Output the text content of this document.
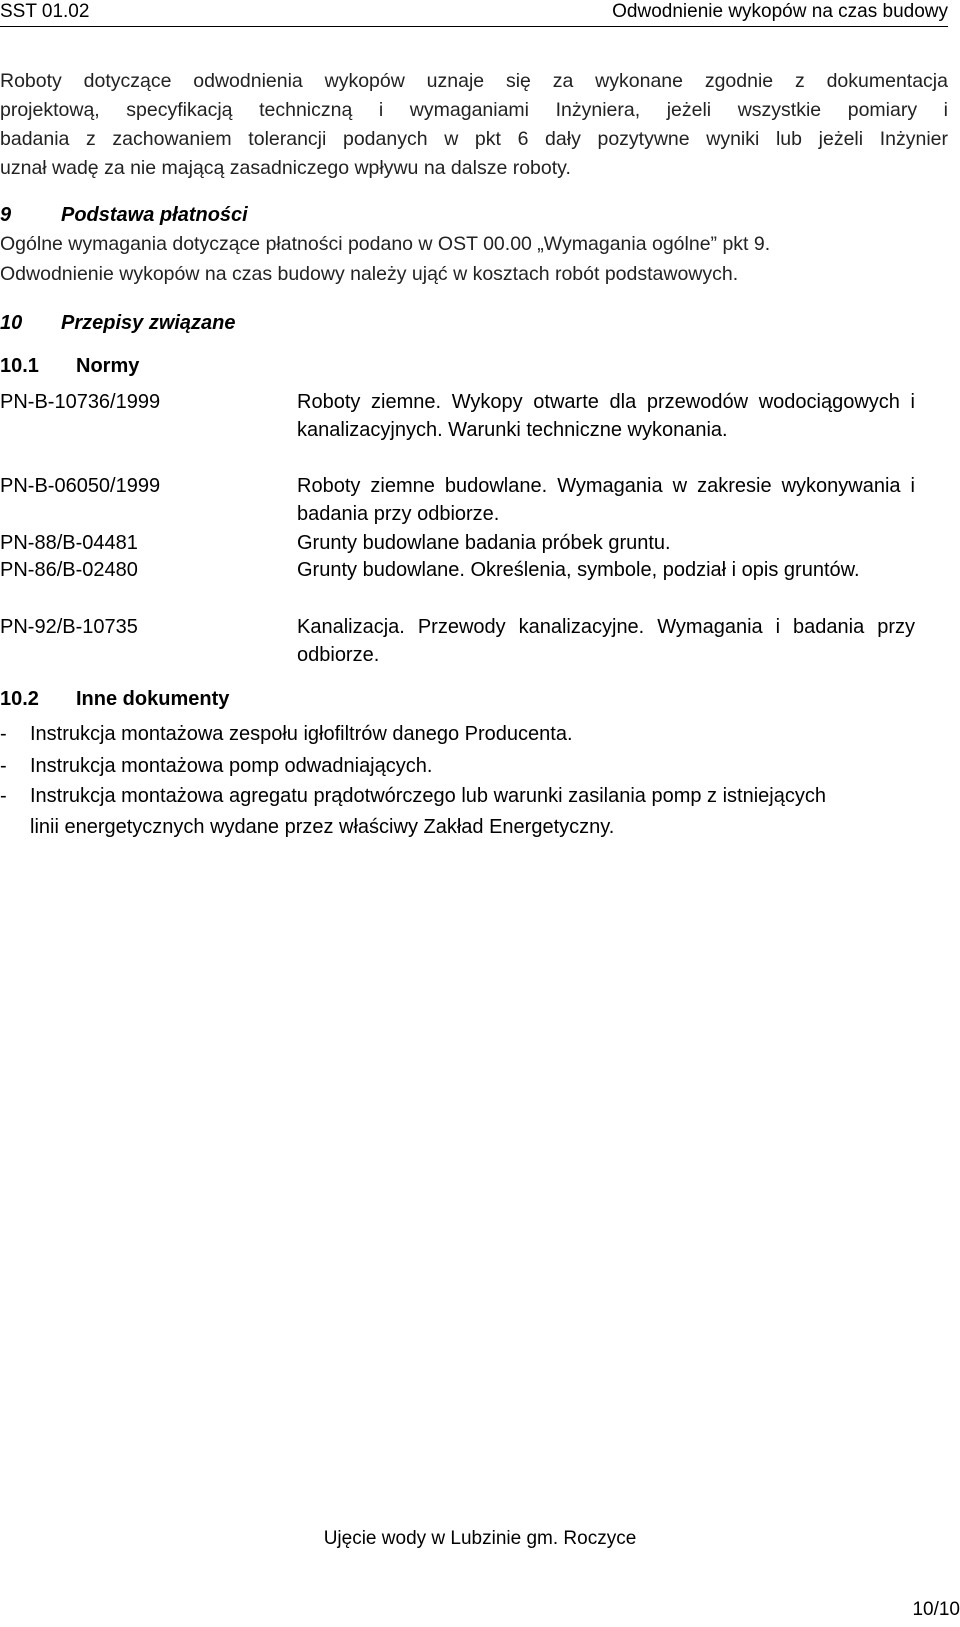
SST 01.02	Odwodnienie wykopów na czas budowy
Roboty dotyczące odwodnienia wykopów uznaje się za wykonane zgodnie z dokumentacja
projektową, specyfikacją techniczną i wymaganiami Inżyniera, jeżeli wszystkie pomiary i
badania z zachowaniem tolerancji podanych w pkt 6 dały pozytywne wyniki lub jeżeli Inżynier
uznał wadę za nie mającą zasadniczego wpływu na dalsze roboty.
9 Podstawa płatności
Ogólne wymagania dotyczące płatności podano w OST 00.00 „Wymagania ogólne” pkt 9.
Odwodnienie wykopów na czas budowy należy ująć w kosztach robót podstawowych.
10 Przepisy związane
10.1 Normy
PN-B-10736/1999	Roboty ziemne. Wykopy otwarte dla przewodów wodociągowych i kanalizacyjnych. Warunki techniczne wykonania.
PN-B-06050/1999	Roboty ziemne budowlane. Wymagania w zakresie wykonywania i badania przy odbiorze.
PN-88/B-04481	Grunty budowlane badania próbek gruntu.
PN-86/B-02480	Grunty budowlane. Określenia, symbole, podział i opis gruntów.
PN-92/B-10735	Kanalizacja. Przewody kanalizacyjne. Wymagania i badania przy odbiorze.
10.2 Inne dokumenty
- Instrukcja montażowa zespołu igłofiltrów danego Producenta.
- Instrukcja montażowa pomp odwadniających.
- Instrukcja montażowa agregatu prądotwórczego lub warunki zasilania pomp z istniejących linii energetycznych wydane przez właściwy Zakład Energetyczny.
Ujęcie wody w Lubzinie gm. Roczyce
10/10
